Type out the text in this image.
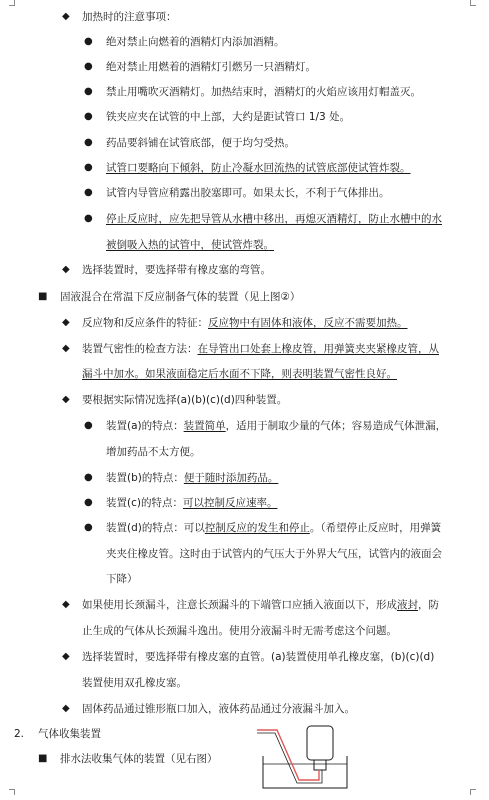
◆ 加热时的注意事项：
● 绝对禁止向燃着的酒精灯内添加酒精。
● 绝对禁止用燃着的酒精灯引燃另一只酒精灯。
● 禁止用嘴吹灭酒精灯。加热结束时，酒精灯的火焰应该用灯帽盖灭。
● 铁夹应夹在试管的中上部，大约是距试管口 1/3 处。
● 药品要斜铺在试管底部，便于均匀受热。
● 试管口要略向下倾斜，防止冷凝水回流热的试管底部使试管炸裂。
● 试管内导管应稍露出胶塞即可。如果太长，不利于气体排出。
● 停止反应时，应先把导管从水槽中移出，再熄灭酒精灯，防止水槽中的水
被倒吸入热的试管中，使试管炸裂。
◆ 选择装置时，要选择带有橡皮塞的弯管。
■ 固液混合在常温下反应制备气体的装置（见上图②）
◆ 反应物和反应条件的特征：反应物中有固体和液体，反应不需要加热。
◆ 装置气密性的检查方法：在导管出口处套上橡皮管，用弹簧夹夹紧橡皮管，从
漏斗中加水。如果液面稳定后水面不下降，则表明装置气密性良好。
◆ 要根据实际情况选择(a)(b)(c)(d)四种装置。
● 装置(a)的特点：装置简单，适用于制取少量的气体；容易造成气体泄漏，
增加药品不太方便。
● 装置(b)的特点：便于随时添加药品。
● 装置(c)的特点：可以控制反应速率。
● 装置(d)的特点：可以控制反应的发生和停止。（希望停止反应时，用弹簧
夹夹住橡皮管。这时由于试管内的气压大于外界大气压，试管内的液面会
下降）
◆ 如果使用长颈漏斗，注意长颈漏斗的下端管口应插入液面以下，形成液封，防
止生成的气体从长颈漏斗逸出。使用分液漏斗时无需考虑这个问题。
◆ 选择装置时，要选择带有橡皮塞的直管。(a)装置使用单孔橡皮塞，(b)(c)(d)
装置使用双孔橡皮塞。
◆ 固体药品通过锥形瓶口加入，液体药品通过分液漏斗加入。
2. 气体收集装置
■ 排水法收集气体的装置（见右图）
